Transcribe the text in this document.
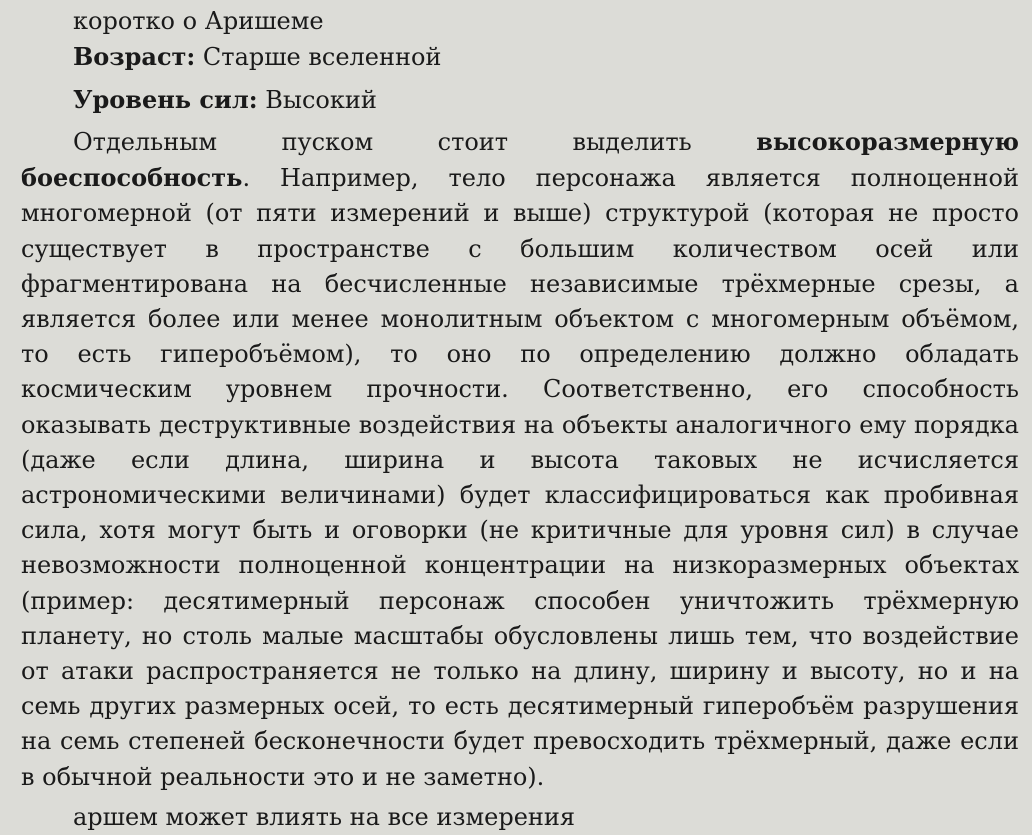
коротко о Аришеме

Возраст: Старше вселенной

Уровень сил: Высокий

Отдельным пуском стоит выделить высокоразмерную боеспособность. Например, тело персонажа является полноценной многомерной (от пяти измерений и выше) структурой (которая не просто существует в пространстве с большим количеством осей или фрагментирована на бесчисленные независимые трёхмерные срезы, а является более или менее монолитным объектом с многомерным объёмом, то есть гиперобъёмом), то оно по определению должно обладать космическим уровнем прочности. Соответственно, его способность оказывать деструктивные воздействия на объекты аналогичного ему порядка (даже если длина, ширина и высота таковых не исчисляется астрономическими величинами) будет классифицироваться как пробивная сила, хотя могут быть и оговорки (не критичные для уровня сил) в случае невозможности полноценной концентрации на низкоразмерных объектах (пример: десятимерный персонаж способен уничтожить трёхмерную планету, но столь малые масштабы обусловлены лишь тем, что воздействие от атаки распространяется не только на длину, ширину и высоту, но и на семь других размерных осей, то есть десятимерный гиперобъём разрушения на семь степеней бесконечности будет превосходить трёхмерный, даже если в обычной реальности это и не заметно).

аршем может влиять на все измерения
